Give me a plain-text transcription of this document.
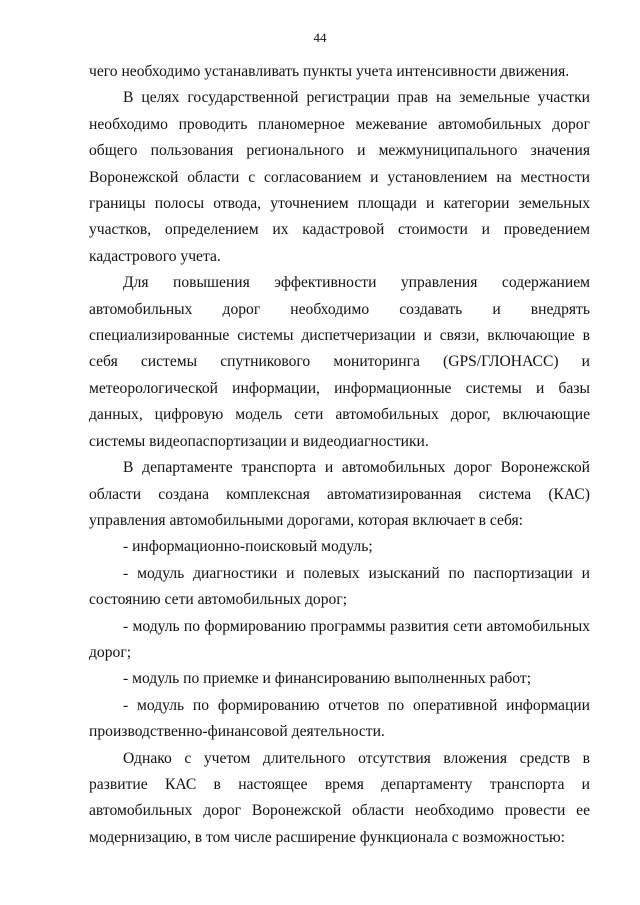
44

чего необходимо устанавливать пункты учета интенсивности движения.

В целях государственной регистрации прав на земельные участки необходимо проводить планомерное межевание автомобильных дорог общего пользования регионального и межмуниципального значения Воронежской области с согласованием и установлением на местности границы полосы отвода, уточнением площади и категории земельных участков, определением их кадастровой стоимости и проведением кадастрового учета.

Для повышения эффективности управления содержанием автомобильных дорог необходимо создавать и внедрять специализированные системы диспетчеризации и связи, включающие в себя системы спутникового мониторинга (GPS/ГЛОНАСС) и метеорологической информации, информационные системы и базы данных, цифровую модель сети автомобильных дорог, включающие системы видеопаспортизации и видеодиагностики.

В департаменте транспорта и автомобильных дорог Воронежской области создана комплексная автоматизированная система (КАС) управления автомобильными дорогами, которая включает в себя:

- информационно-поисковый модуль;

- модуль диагностики и полевых изысканий по паспортизации и состоянию сети автомобильных дорог;

- модуль по формированию программы развития сети автомобильных дорог;

- модуль по приемке и финансированию выполненных работ;

- модуль по формированию отчетов по оперативной информации производственно-финансовой деятельности.

Однако с учетом длительного отсутствия вложения средств в развитие КАС в настоящее время департаменту транспорта и автомобильных дорог Воронежской области необходимо провести ее модернизацию, в том числе расширение функционала с возможностью:
